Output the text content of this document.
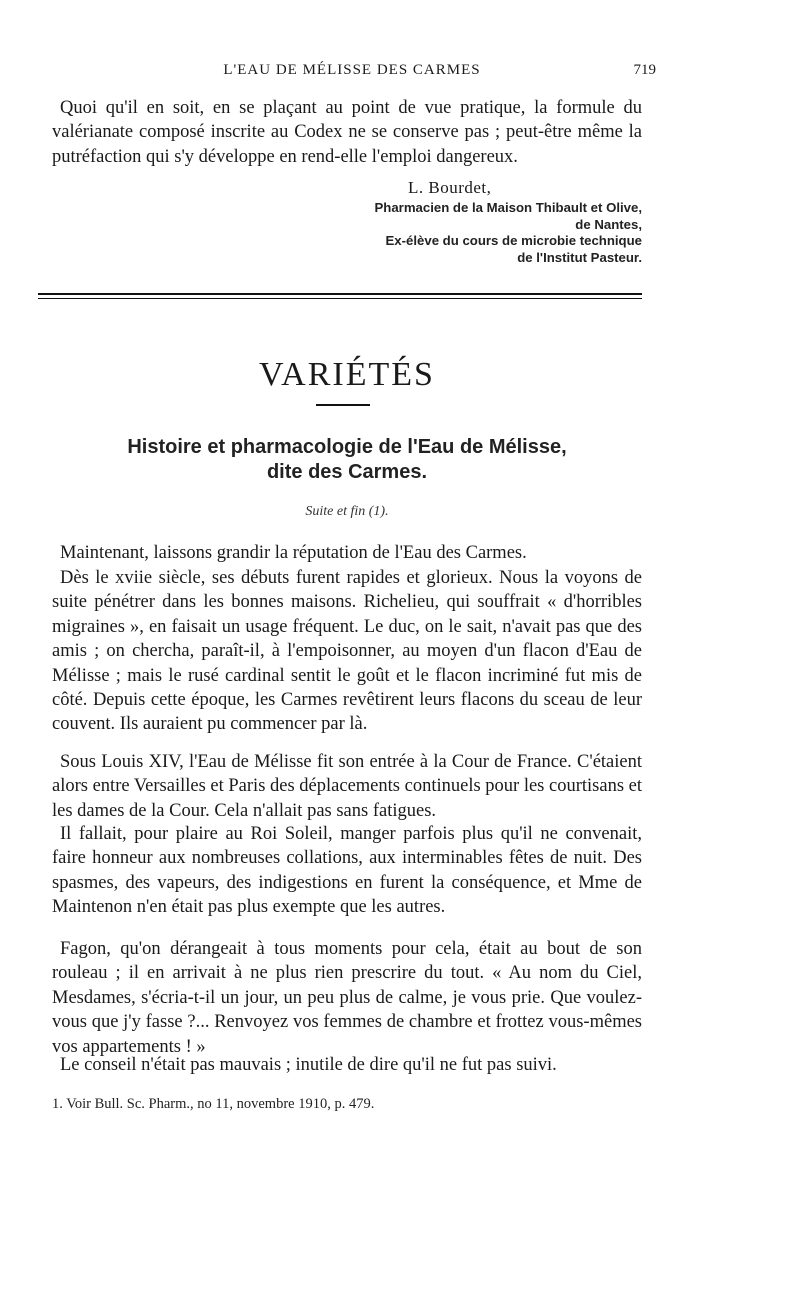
L'EAU DE MÉLISSE DES CARMES	719

Quoi qu'il en soit, en se plaçant au point de vue pratique, la formule du valérianate composé inscrite au Codex ne se conserve pas ; peut-être même la putréfaction qui s'y développe en rend-elle l'emploi dangereux.

L. Bourdet,
Pharmacien de la Maison Thibault et Olive,
de Nantes,
Ex-élève du cours de microbie technique
de l'Institut Pasteur.
VARIÉTÉS
Histoire et pharmacologie de l'Eau de Mélisse,
dite des Carmes.
Suite et fin (1).

Maintenant, laissons grandir la réputation de l'Eau des Carmes.

Dès le xviie siècle, ses débuts furent rapides et glorieux. Nous la voyons de suite pénétrer dans les bonnes maisons. Richelieu, qui souffrait « d'horribles migraines », en faisait un usage fréquent. Le duc, on le sait, n'avait pas que des amis ; on chercha, paraît-il, à l'empoisonner, au moyen d'un flacon d'Eau de Mélisse ; mais le rusé cardinal sentit le goût et le flacon incriminé fut mis de côté. Depuis cette époque, les Carmes revêtirent leurs flacons du sceau de leur couvent. Ils auraient pu commencer par là.

Sous Louis XIV, l'Eau de Mélisse fit son entrée à la Cour de France. C'étaient alors entre Versailles et Paris des déplacements continuels pour les courtisans et les dames de la Cour. Cela n'allait pas sans fatigues.

Il fallait, pour plaire au Roi Soleil, manger parfois plus qu'il ne convenait, faire honneur aux nombreuses collations, aux interminables fêtes de nuit. Des spasmes, des vapeurs, des indigestions en furent la conséquence, et Mme de Maintenon n'en était pas plus exempte que les autres.

Fagon, qu'on dérangeait à tous moments pour cela, était au bout de son rouleau ; il en arrivait à ne plus rien prescrire du tout. « Au nom du Ciel, Mesdames, s'écria-t-il un jour, un peu plus de calme, je vous prie. Que voulez-vous que j'y fasse ?... Renvoyez vos femmes de chambre et frottez vous-mêmes vos appartements ! »

Le conseil n'était pas mauvais ; inutile de dire qu'il ne fut pas suivi.

1. Voir Bull. Sc. Pharm., no 11, novembre 1910, p. 479.
